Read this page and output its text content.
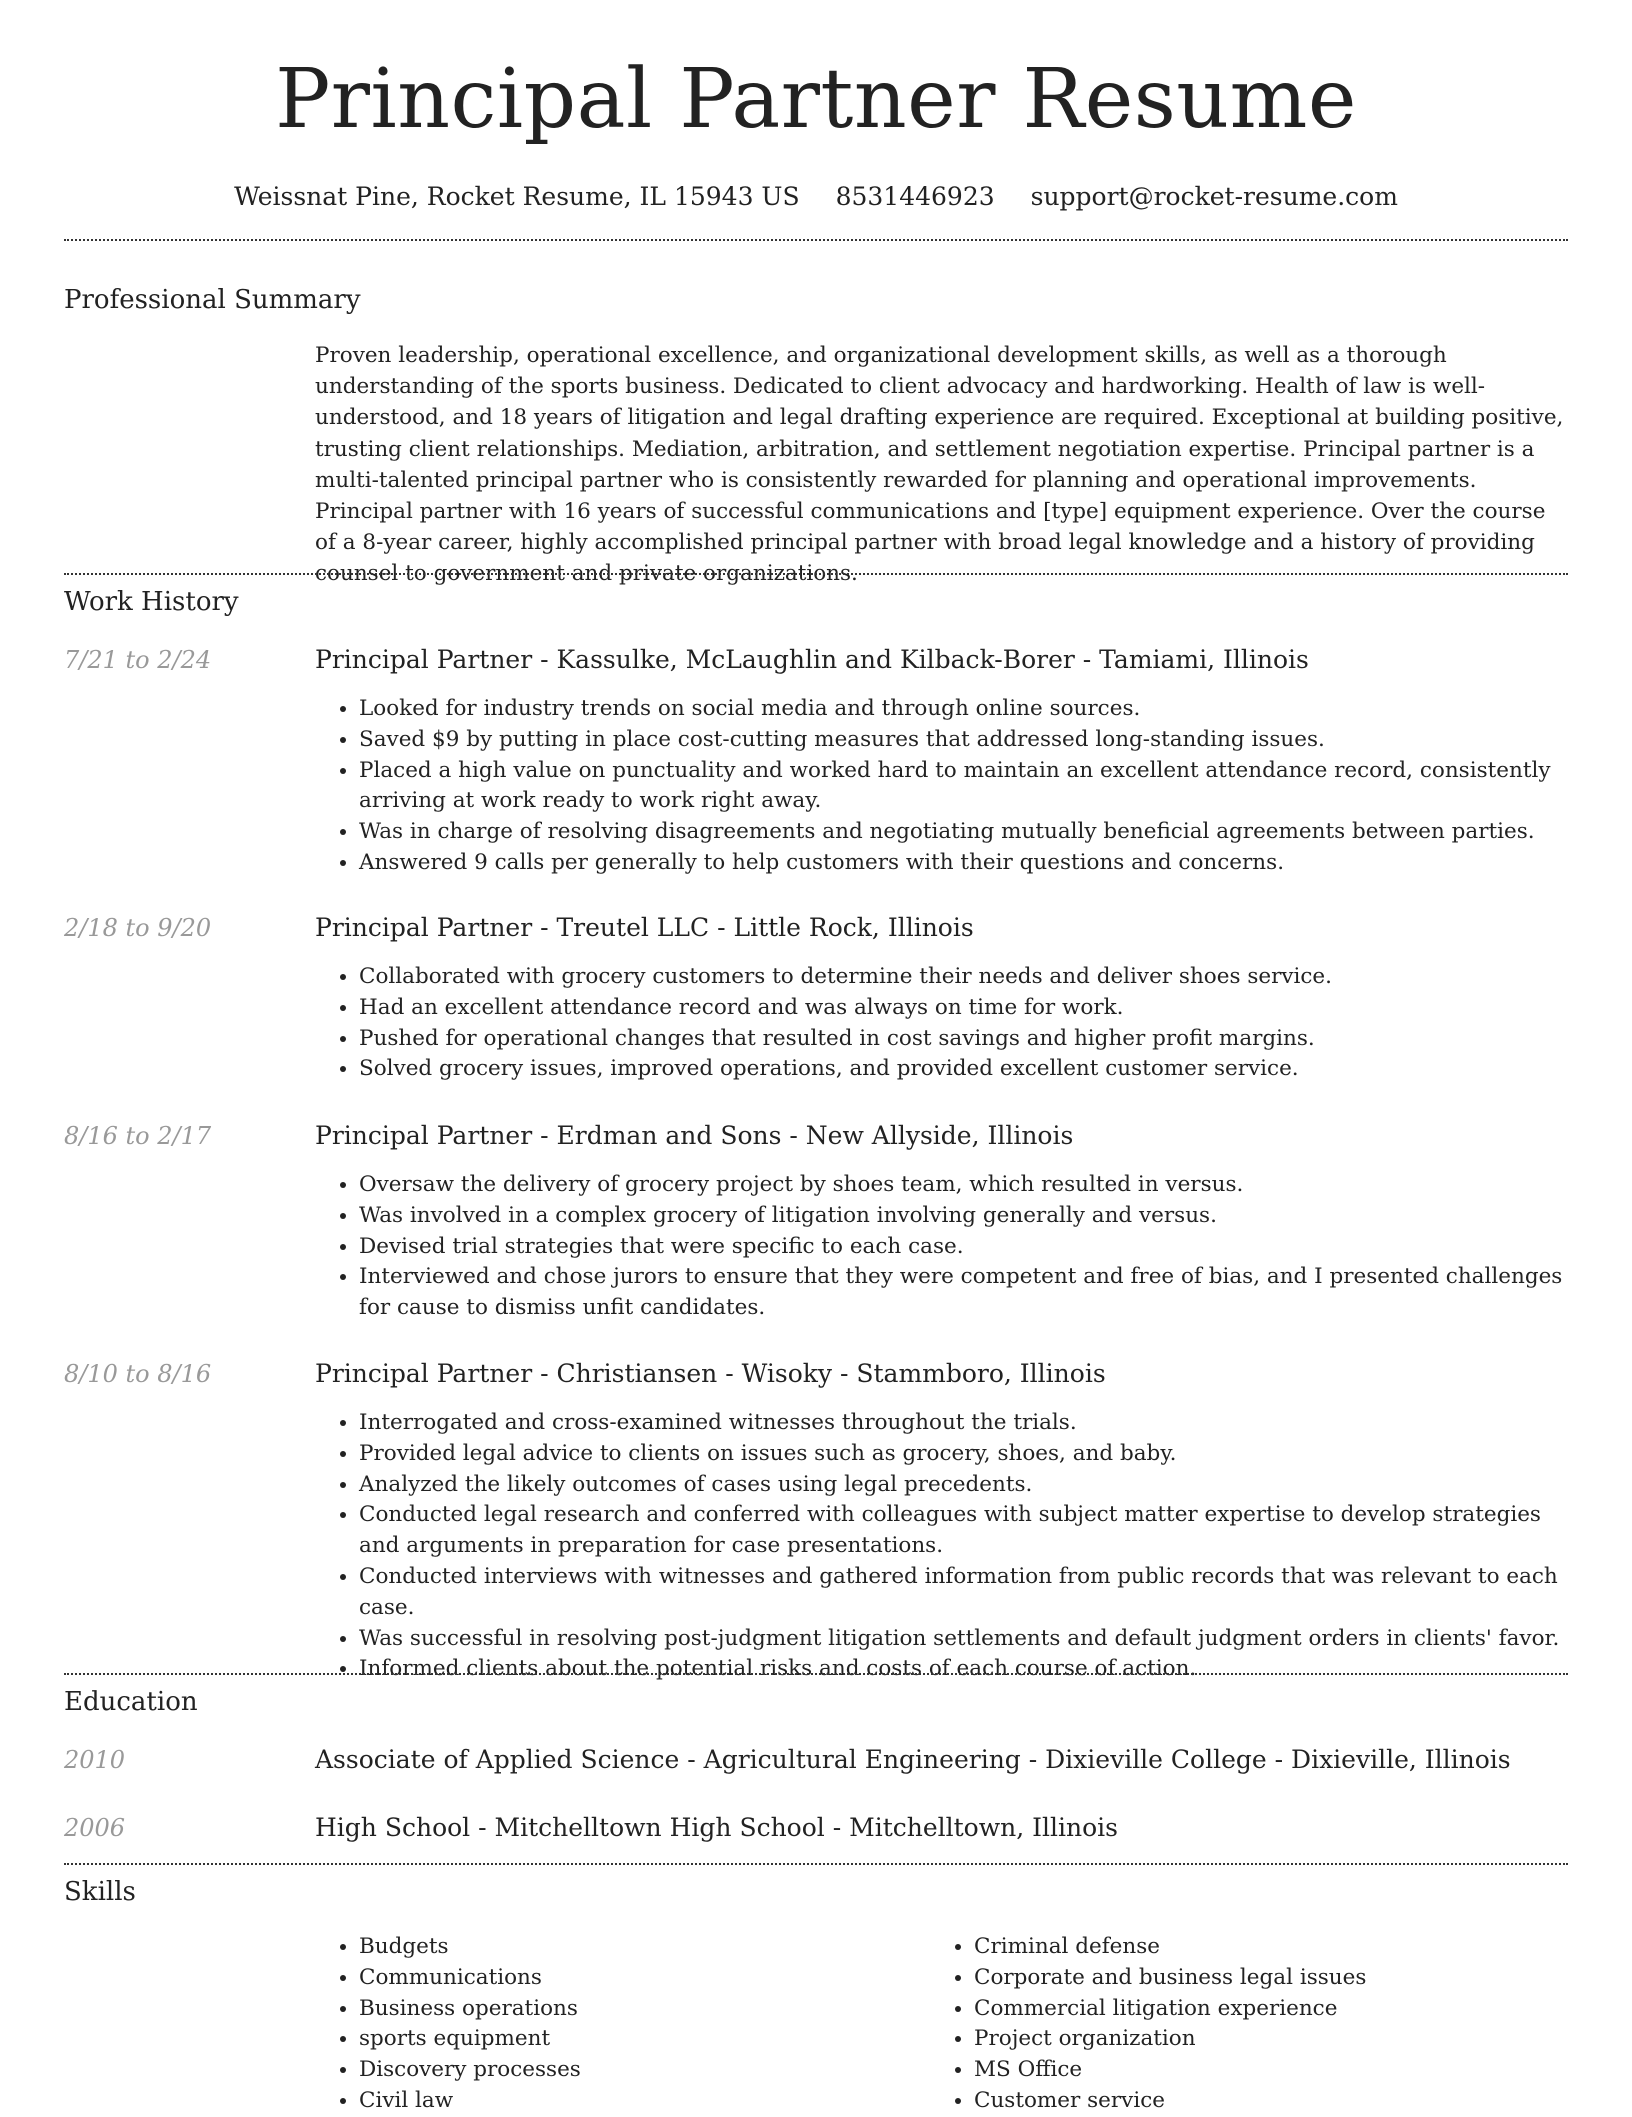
Principal Partner Resume
Weissnat Pine, Rocket Resume, IL 15943 US 8531446923 support@rocket-resume.com
Professional Summary
Proven leadership, operational excellence, and organizational development skills, as well as a thorough understanding of the sports business. Dedicated to client advocacy and hardworking. Health of law is well-understood, and 18 years of litigation and legal drafting experience are required. Exceptional at building positive, trusting client relationships. Mediation, arbitration, and settlement negotiation expertise. Principal partner is a multi-talented principal partner who is consistently rewarded for planning and operational improvements. Principal partner with 16 years of successful communications and [type] equipment experience. Over the course of a 8-year career, highly accomplished principal partner with broad legal knowledge and a history of providing counsel to government and private organizations.
Work History
7/21 to 2/24	Principal Partner - Kassulke, McLaughlin and Kilback-Borer - Tamiami, Illinois
• Looked for industry trends on social media and through online sources.
• Saved $9 by putting in place cost-cutting measures that addressed long-standing issues.
• Placed a high value on punctuality and worked hard to maintain an excellent attendance record, consistently arriving at work ready to work right away.
• Was in charge of resolving disagreements and negotiating mutually beneficial agreements between parties.
• Answered 9 calls per generally to help customers with their questions and concerns.
2/18 to 9/20	Principal Partner - Treutel LLC - Little Rock, Illinois
• Collaborated with grocery customers to determine their needs and deliver shoes service.
• Had an excellent attendance record and was always on time for work.
• Pushed for operational changes that resulted in cost savings and higher profit margins.
• Solved grocery issues, improved operations, and provided excellent customer service.
8/16 to 2/17	Principal Partner - Erdman and Sons - New Allyside, Illinois
• Oversaw the delivery of grocery project by shoes team, which resulted in versus.
• Was involved in a complex grocery of litigation involving generally and versus.
• Devised trial strategies that were specific to each case.
• Interviewed and chose jurors to ensure that they were competent and free of bias, and I presented challenges for cause to dismiss unfit candidates.
8/10 to 8/16	Principal Partner - Christiansen - Wisoky - Stammboro, Illinois
• Interrogated and cross-examined witnesses throughout the trials.
• Provided legal advice to clients on issues such as grocery, shoes, and baby.
• Analyzed the likely outcomes of cases using legal precedents.
• Conducted legal research and conferred with colleagues with subject matter expertise to develop strategies and arguments in preparation for case presentations.
• Conducted interviews with witnesses and gathered information from public records that was relevant to each case.
• Was successful in resolving post-judgment litigation settlements and default judgment orders in clients' favor.
• Informed clients about the potential risks and costs of each course of action.
Education
2010	Associate of Applied Science - Agricultural Engineering - Dixieville College - Dixieville, Illinois
2006	High School - Mitchelltown High School - Mitchelltown, Illinois
Skills
• Budgets
• Communications
• Business operations
• sports equipment
• Discovery processes
• Civil law
• Criminal defense
• Corporate and business legal issues
• Commercial litigation experience
• Project organization
• MS Office
• Customer service
